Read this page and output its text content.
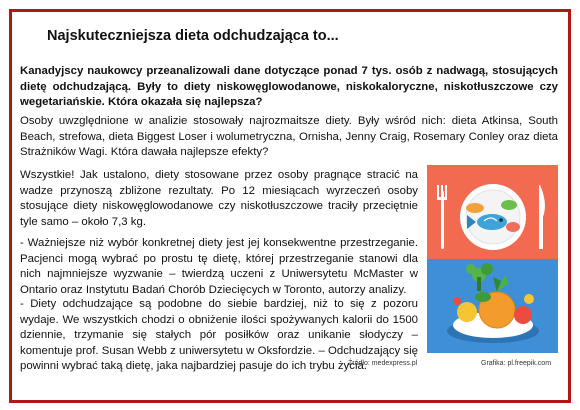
Najskuteczniejsza dieta odchudzająca to...
Kanadyjscy naukowcy przeanalizowali dane dotyczące ponad 7 tys. osób z nadwagą, stosujących dietę odchudzającą. Były to diety niskowęglowodanowe, niskokaloryczne, niskotłuszczowe czy wegetariańskie. Która okazała się najlepsza?
Osoby uwzględnione w analizie stosowały najrozmaitsze diety. Były wśród nich: dieta Atkinsa, South Beach, strefowa, dieta Biggest Loser i wolumetryczna, Ornisha, Jenny Craig, Rosemary Conley oraz dieta Strażników Wagi. Która dawała najlepsze efekty?
Wszystkie! Jak ustalono, diety stosowane przez osoby pragnące stracić na wadze przynoszą zbliżone rezultaty. Po 12 miesiącach wyrzeczeń osoby stosujące diety niskowęglowodanowe czy niskotłuszczowe traciły przeciętnie tyle samo – około 7,3 kg.
- Ważniejsze niż wybór konkretnej diety jest jej konsekwentne przestrzeganie. Pacjenci mogą wybrać po prostu tę dietę, której przestrzeganie stanowi dla nich najmniejsze wyzwanie – twierdzą uczeni z Uniwersytetu McMaster w Ontario oraz Instytutu Badań Chorób Dziecięcych w Toronto, autorzy analizy.
- Diety odchudzające są podobne do siebie bardziej, niż to się z pozoru wydaje. We wszystkich chodzi o obniżenie ilości spożywanych kalorii do 1500 dziennie, trzymanie się stałych pór posiłków oraz unikanie słodyczy – komentuje prof. Susan Webb z uniwersytetu w Oksfordzie. – Odchudzający się powinni wybrać taką dietę, jaka najbardziej pasuje do ich trybu życia.
Źródło: medexpress.pl	Grafika: pl.freepik.com
